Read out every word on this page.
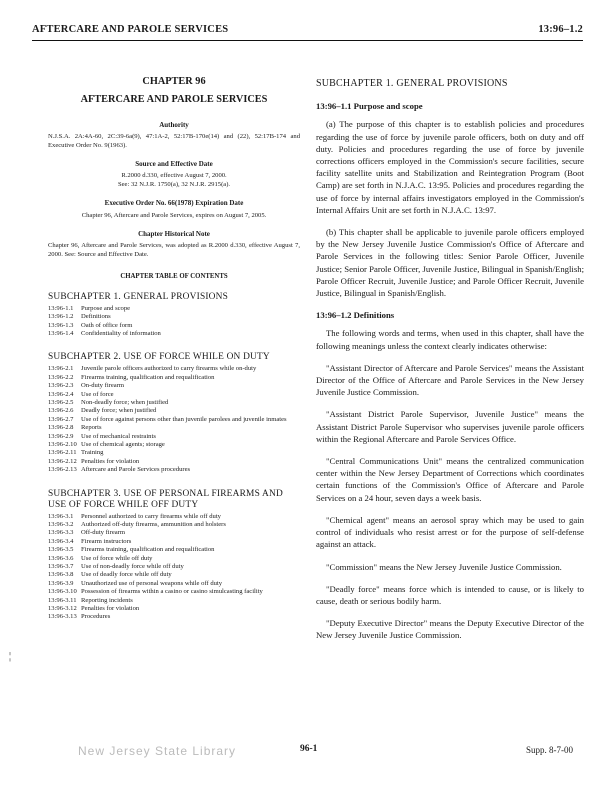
AFTERCARE AND PAROLE SERVICES	13:96–1.2
CHAPTER 96
AFTERCARE AND PAROLE SERVICES
Authority
N.J.S.A. 2A:4A-60, 2C:39-6a(9), 47:1A-2, 52:17B-170e(14) and (22), 52:17B-174 and Executive Order No. 9(1963).
Source and Effective Date
R.2000 d.330, effective August 7, 2000.
See: 32 N.J.R. 1750(a), 32 N.J.R. 2915(a).
Executive Order No. 66(1978) Expiration Date
Chapter 96, Aftercare and Parole Services, expires on August 7, 2005.
Chapter Historical Note
Chapter 96, Aftercare and Parole Services, was adopted as R.2000 d.330, effective August 7, 2000. See: Source and Effective Date.
CHAPTER TABLE OF CONTENTS
SUBCHAPTER 1. GENERAL PROVISIONS
13:96-1.1	Purpose and scope
13:96-1.2	Definitions
13:96-1.3	Oath of office form
13:96-1.4	Confidentiality of information
SUBCHAPTER 2. USE OF FORCE WHILE ON DUTY
13:96-2.1	Juvenile parole officers authorized to carry firearms while on-duty
13:96-2.2	Firearms training, qualification and requalification
13:96-2.3	On-duty firearm
13:96-2.4	Use of force
13:96-2.5	Non-deadly force; when justified
13:96-2.6	Deadly force; when justified
13:96-2.7	Use of force against persons other than juvenile parolees and juvenile inmates
13:96-2.8	Reports
13:96-2.9	Use of mechanical restraints
13:96-2.10 Use of chemical agents; storage
13:96-2.11 Training
13:96-2.12 Penalties for violation
13:96-2.13 Aftercare and Parole Services procedures
SUBCHAPTER 3. USE OF PERSONAL FIREARMS AND USE OF FORCE WHILE OFF DUTY
13:96-3.1	Personnel authorized to carry firearms while off duty
13:96-3.2	Authorized off-duty firearms, ammunition and holsters
13:96-3.3	Off-duty firearm
13:96-3.4	Firearm instructors
13:96-3.5	Firearms training, qualification and requalification
13:96-3.6	Use of force while off duty
13:96-3.7	Use of non-deadly force while off duty
13:96-3.8	Use of deadly force while off duty
13:96-3.9	Unauthorized use of personal weapons while off duty
13:96-3.10 Possession of firearms within a casino or casino simulcasting facility
13:96-3.11 Reporting incidents
13:96-3.12 Penalties for violation
13:96-3.13 Procedures
SUBCHAPTER 1. GENERAL PROVISIONS
13:96–1.1 Purpose and scope

(a) The purpose of this chapter is to establish policies and procedures regarding the use of force by juvenile parole officers, both on duty and off duty. Policies and procedures regarding the use of force by juvenile corrections officers employed in the Commission's secure facilities, secure facility satellite units and Stabilization and Reintegration Program (Boot Camp) are set forth in N.J.A.C. 13:95. Policies and procedures regarding the use of force by internal affairs investigators employed in the Commission's Internal Affairs Unit are set forth in N.J.A.C. 13:97.

(b) This chapter shall be applicable to juvenile parole officers employed by the New Jersey Juvenile Justice Commission's Office of Aftercare and Parole Services in the following titles: Senior Parole Officer, Juvenile Justice; Senior Parole Officer, Juvenile Justice, Bilingual in Spanish/English; Parole Officer Recruit, Juvenile Justice; and Parole Officer Recruit, Juvenile Justice, Bilingual in Spanish/English.

13:96–1.2 Definitions

The following words and terms, when used in this chapter, shall have the following meanings unless the context clearly indicates otherwise:

"Assistant Director of Aftercare and Parole Services" means the Assistant Director of the Office of Aftercare and Parole Services in the New Jersey Juvenile Justice Commission.

"Assistant District Parole Supervisor, Juvenile Justice" means the Assistant District Parole Supervisor who supervises juvenile parole officers within the Regional Aftercare and Parole Services Office.

"Central Communications Unit" means the centralized communication center within the New Jersey Department of Corrections which coordinates certain functions of the Commission's Office of Aftercare and Parole Services on a 24 hour, seven days a week basis.

"Chemical agent" means an aerosol spray which may be used to gain control of individuals who resist arrest or for the purpose of self-defense against an attack.

"Commission" means the New Jersey Juvenile Justice Commission.

"Deadly force" means force which is intended to cause, or is likely to cause, death or serious bodily harm.

"Deputy Executive Director" means the Deputy Executive Director of the New Jersey Juvenile Justice Commission.

¦
New Jersey State Library	96-1	Supp. 8-7-00
